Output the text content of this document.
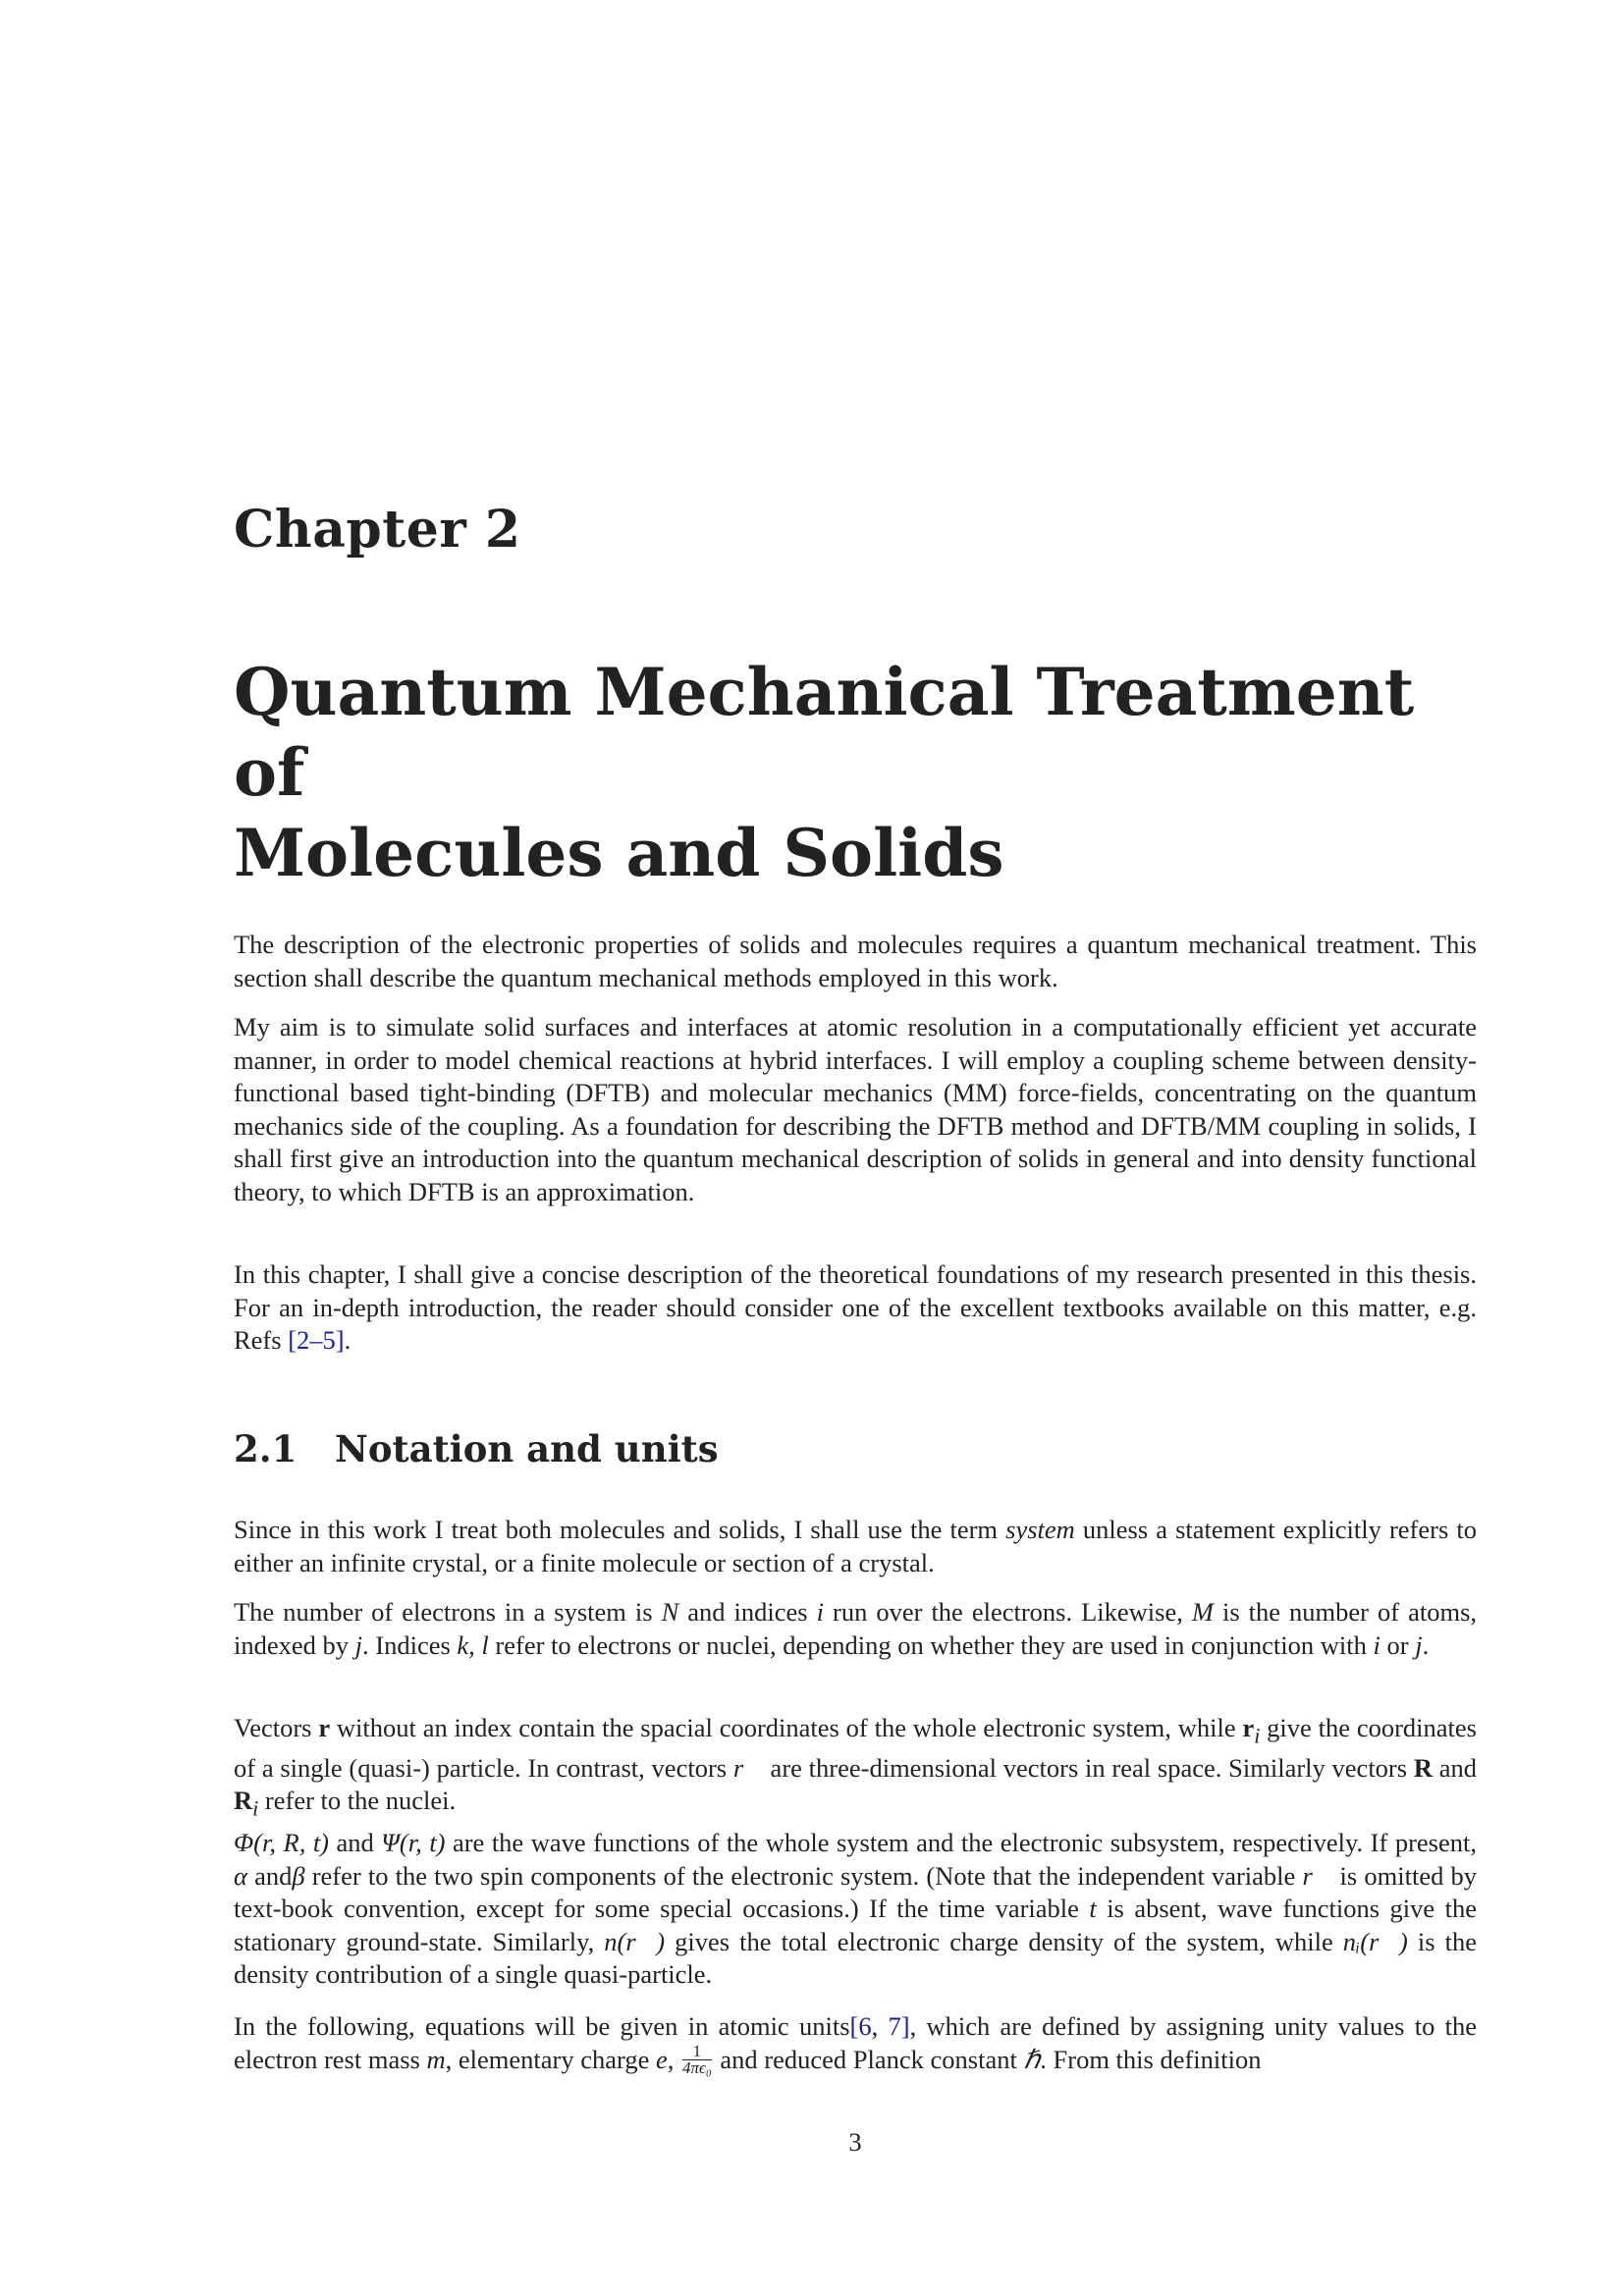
Chapter 2
Quantum Mechanical Treatment of
Molecules and Solids

The description of the electronic properties of solids and molecules requires a quantum mechanical treatment. This section shall describe the quantum mechanical methods employed in this work.

My aim is to simulate solid surfaces and interfaces at atomic resolution in a computationally efficient yet accurate manner, in order to model chemical reactions at hybrid interfaces. I will employ a coupling scheme between density-functional based tight-binding (DFTB) and molecular mechanics (MM) force-fields, concentrating on the quantum mechanics side of the coupling. As a foundation for describing the DFTB method and DFTB/MM coupling in solids, I shall first give an introduction into the quantum mechanical description of solids in general and into density functional theory, to which DFTB is an approximation.

In this chapter, I shall give a concise description of the theoretical foundations of my research presented in this thesis. For an in-depth introduction, the reader should consider one of the excellent textbooks available on this matter, e.g. Refs [2–5].

2.1 Notation and units

Since in this work I treat both molecules and solids, I shall use the term system unless a statement explicitly refers to either an infinite crystal, or a finite molecule or section of a crystal.

The number of electrons in a system is N and indices i run over the electrons. Likewise, M is the number of atoms, indexed by j. Indices k, l refer to electrons or nuclei, depending on whether they are used in conjunction with i or j.

Vectors r without an index contain the spacial coordinates of the whole electronic system, while $r_i$ give the coordinates of a single (quasi-) particle. In contrast, vectors r⃗ are three-dimensional vectors in real space. Similarly vectors R and $R_i$ refer to the nuclei.

Φ(r, R, t) and Ψ(r, t) are the wave functions of the whole system and the electronic subsystem, respectively. If present, α andβ refer to the two spin components of the electronic system. (Note that the independent variable r⃗ is omitted by text-book convention, except for some special occasions.) If the time variable t is absent, wave functions give the stationary ground-state. Similarly, n(r⃗) gives the total electronic charge density of the system, while nᵢ(r⃗) is the density contribution of a single quasi-particle.

In the following, equations will be given in atomic units[6, 7], which are defined by assigning unity values to the electron rest mass m, elementary charge e, $\frac{1}{\text{4πϵ₀}}$ and reduced Planck constant ℏ. From this definition

3
